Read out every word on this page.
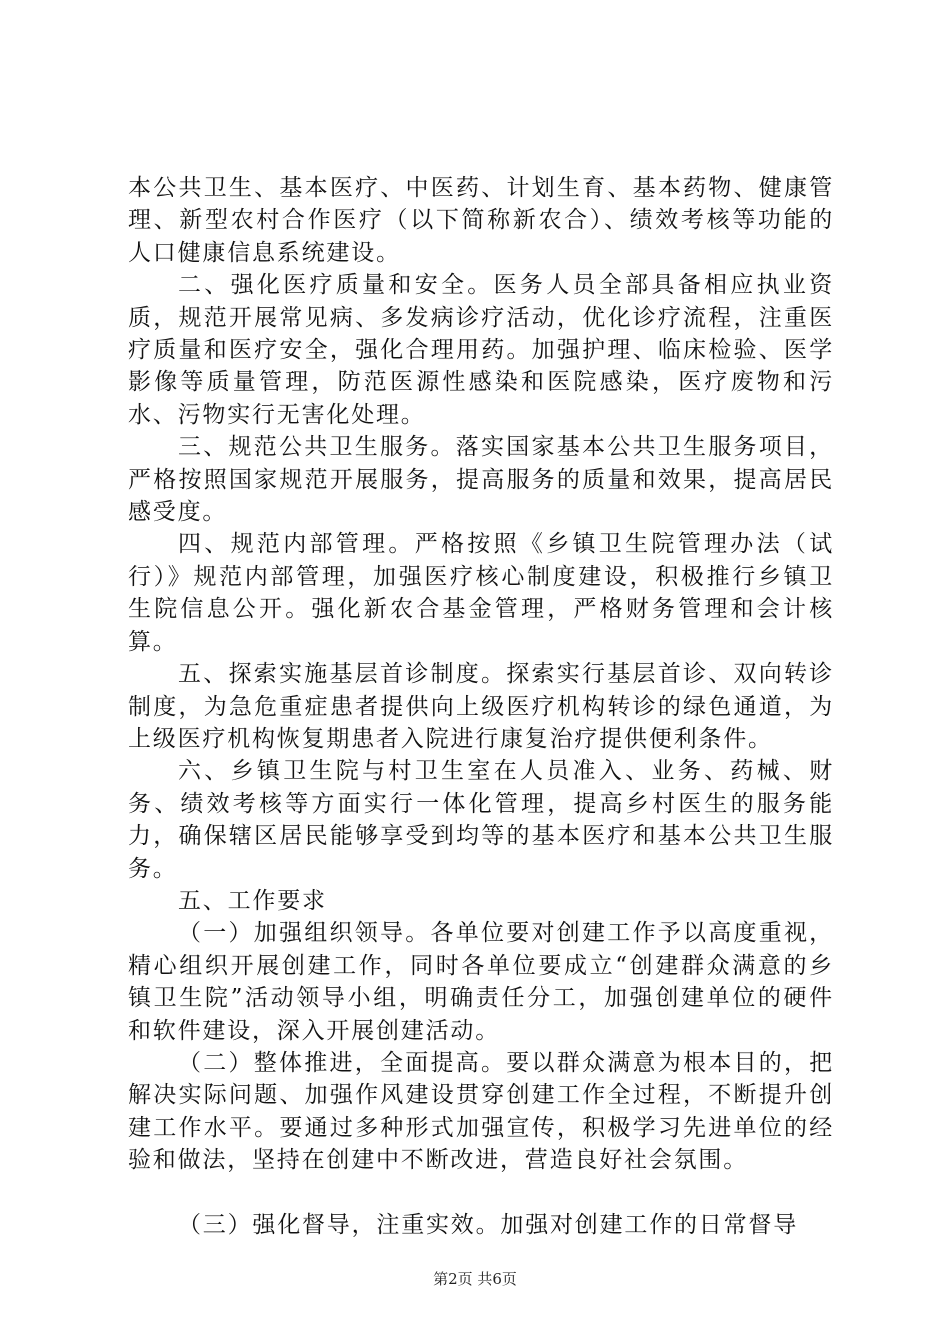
本公共卫生、基本医疗、中医药、计划生育、基本药物、健康管理、新型农村合作医疗（以下简称新农合）、绩效考核等功能的人口健康信息系统建设。

二、强化医疗质量和安全。医务人员全部具备相应执业资质，规范开展常见病、多发病诊疗活动，优化诊疗流程，注重医疗质量和医疗安全，强化合理用药。加强护理、临床检验、医学影像等质量管理，防范医源性感染和医院感染，医疗废物和污水、污物实行无害化处理。

三、规范公共卫生服务。落实国家基本公共卫生服务项目，严格按照国家规范开展服务，提高服务的质量和效果，提高居民感受度。

四、规范内部管理。严格按照《乡镇卫生院管理办法（试行）》规范内部管理，加强医疗核心制度建设，积极推行乡镇卫生院信息公开。强化新农合基金管理，严格财务管理和会计核算。

五、探索实施基层首诊制度。探索实行基层首诊、双向转诊制度，为急危重症患者提供向上级医疗机构转诊的绿色通道，为上级医疗机构恢复期患者入院进行康复治疗提供便利条件。

六、乡镇卫生院与村卫生室在人员准入、业务、药械、财务、绩效考核等方面实行一体化管理，提高乡村医生的服务能力，确保辖区居民能够享受到均等的基本医疗和基本公共卫生服务。

五、工作要求

（一）加强组织领导。各单位要对创建工作予以高度重视，精心组织开展创建工作，同时各单位要成立“创建群众满意的乡镇卫生院”活动领导小组，明确责任分工，加强创建单位的硬件和软件建设，深入开展创建活动。

（二）整体推进，全面提高。要以群众满意为根本目的，把解决实际问题、加强作风建设贯穿创建工作全过程，不断提升创建工作水平。要通过多种形式加强宣传，积极学习先进单位的经验和做法，坚持在创建中不断改进，营造良好社会氛围。

（三）强化督导，注重实效。加强对创建工作的日常督导

第2页 共6页
